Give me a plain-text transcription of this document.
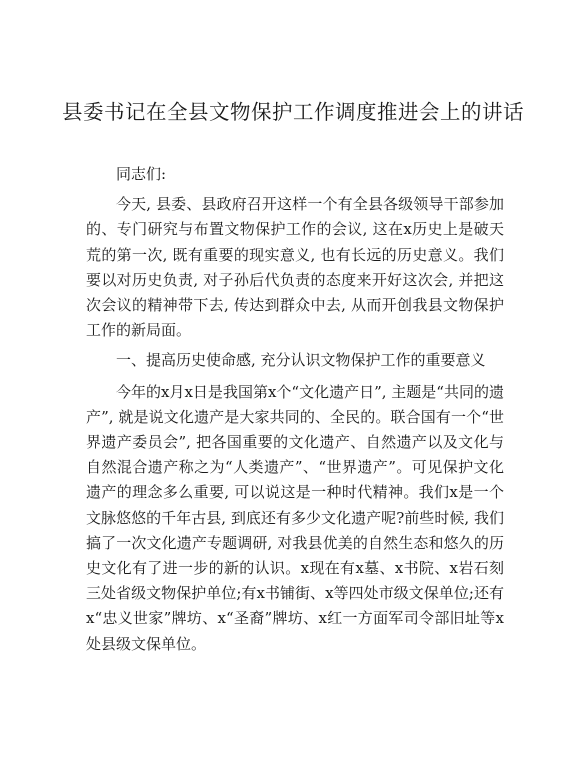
县委书记在全县文物保护工作调度推进会上的讲话

同志们:

今天, 县委、县政府召开这样一个有全县各级领导干部参加的、专门研究与布置文物保护工作的会议, 这在x历史上是破天荒的第一次, 既有重要的现实意义, 也有长远的历史意义。我们要以对历史负责, 对子孙后代负责的态度来开好这次会, 并把这次会议的精神带下去, 传达到群众中去, 从而开创我县文物保护工作的新局面。

一、提高历史使命感, 充分认识文物保护工作的重要意义

今年的x月x日是我国第x个“文化遗产日”, 主题是“共同的遗产”, 就是说文化遗产是大家共同的、全民的。联合国有一个“世界遗产委员会”, 把各国重要的文化遗产、自然遗产以及文化与自然混合遗产称之为“人类遗产”、“世界遗产”。可见保护文化遗产的理念多么重要, 可以说这是一种时代精神。我们x是一个文脉悠悠的千年古县, 到底还有多少文化遗产呢?前些时候, 我们搞了一次文化遗产专题调研, 对我县优美的自然生态和悠久的历史文化有了进一步的新的认识。x现在有x墓、x书院、x岩石刻三处省级文物保护单位;有x书铺街、x等四处市级文保单位;还有x“忠义世家”牌坊、x“圣裔”牌坊、x红一方面军司令部旧址等x处县级文保单位。
